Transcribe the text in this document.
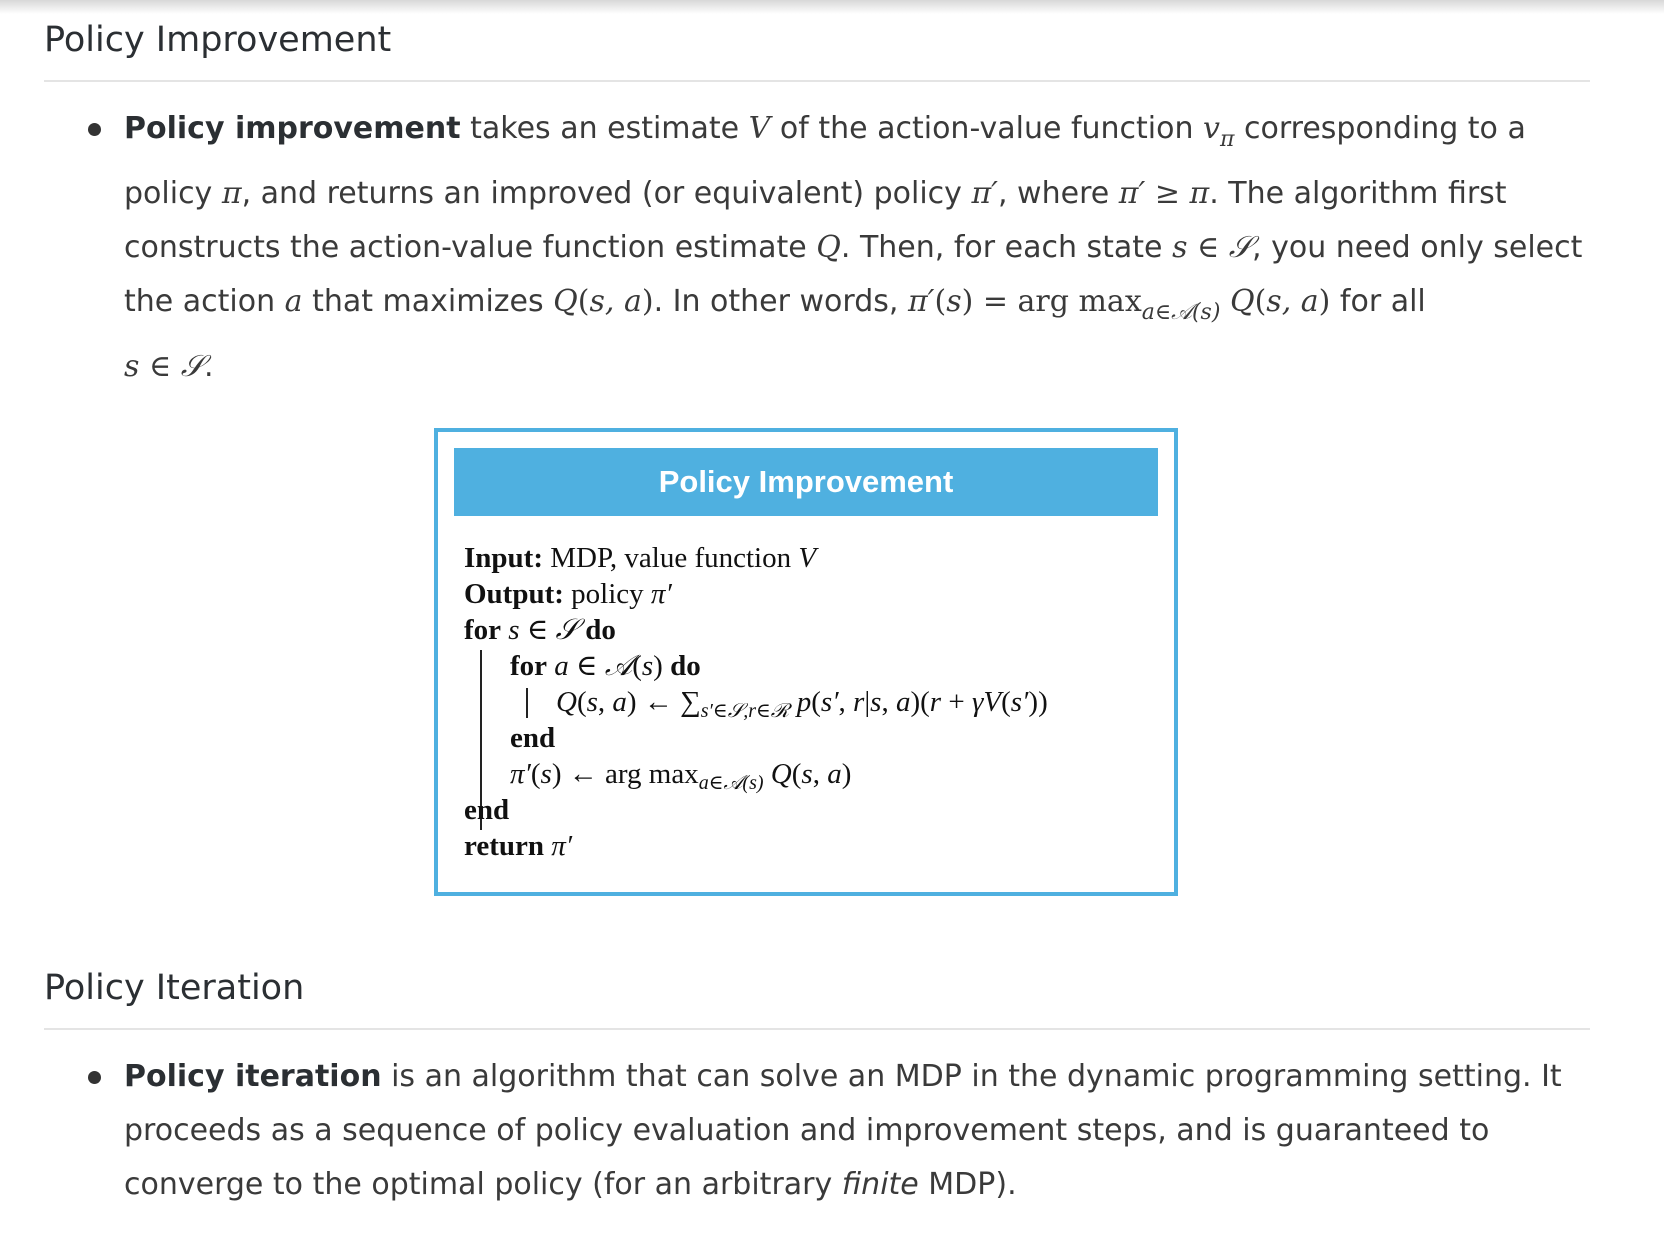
Policy Improvement
Policy improvement takes an estimate V of the action-value function $v_\pi$ corresponding to a
policy π, and returns an improved (or equivalent) policy π′, where π′ ≥ π. The algorithm first
constructs the action-value function estimate Q. Then, for each state s ∈ 𝒮, you need only select
the action a that maximizes Q(s, a). In other words, π′(s) = arg $\max_{a\in 𝒜(s)} Q(s$, a) for all
s ∈ 𝒮.
Policy Improvement
Input: MDP, value function V
Output: policy π′
for s ∈ 𝒮 do
for a ∈ 𝒜(s) do
Q(s, a) ← $\sum_{s'\in 𝒮,r\in ℛ}$ p(s′, r|s, a)(r + γV(s′))
end
π′(s) ← arg $\max_{a\in 𝒜(s)} Q(s$, a)
end
return π′
Policy Iteration
Policy iteration is an algorithm that can solve an MDP in the dynamic programming setting. It
proceeds as a sequence of policy evaluation and improvement steps, and is guaranteed to
converge to the optimal policy (for an arbitrary finite MDP).
